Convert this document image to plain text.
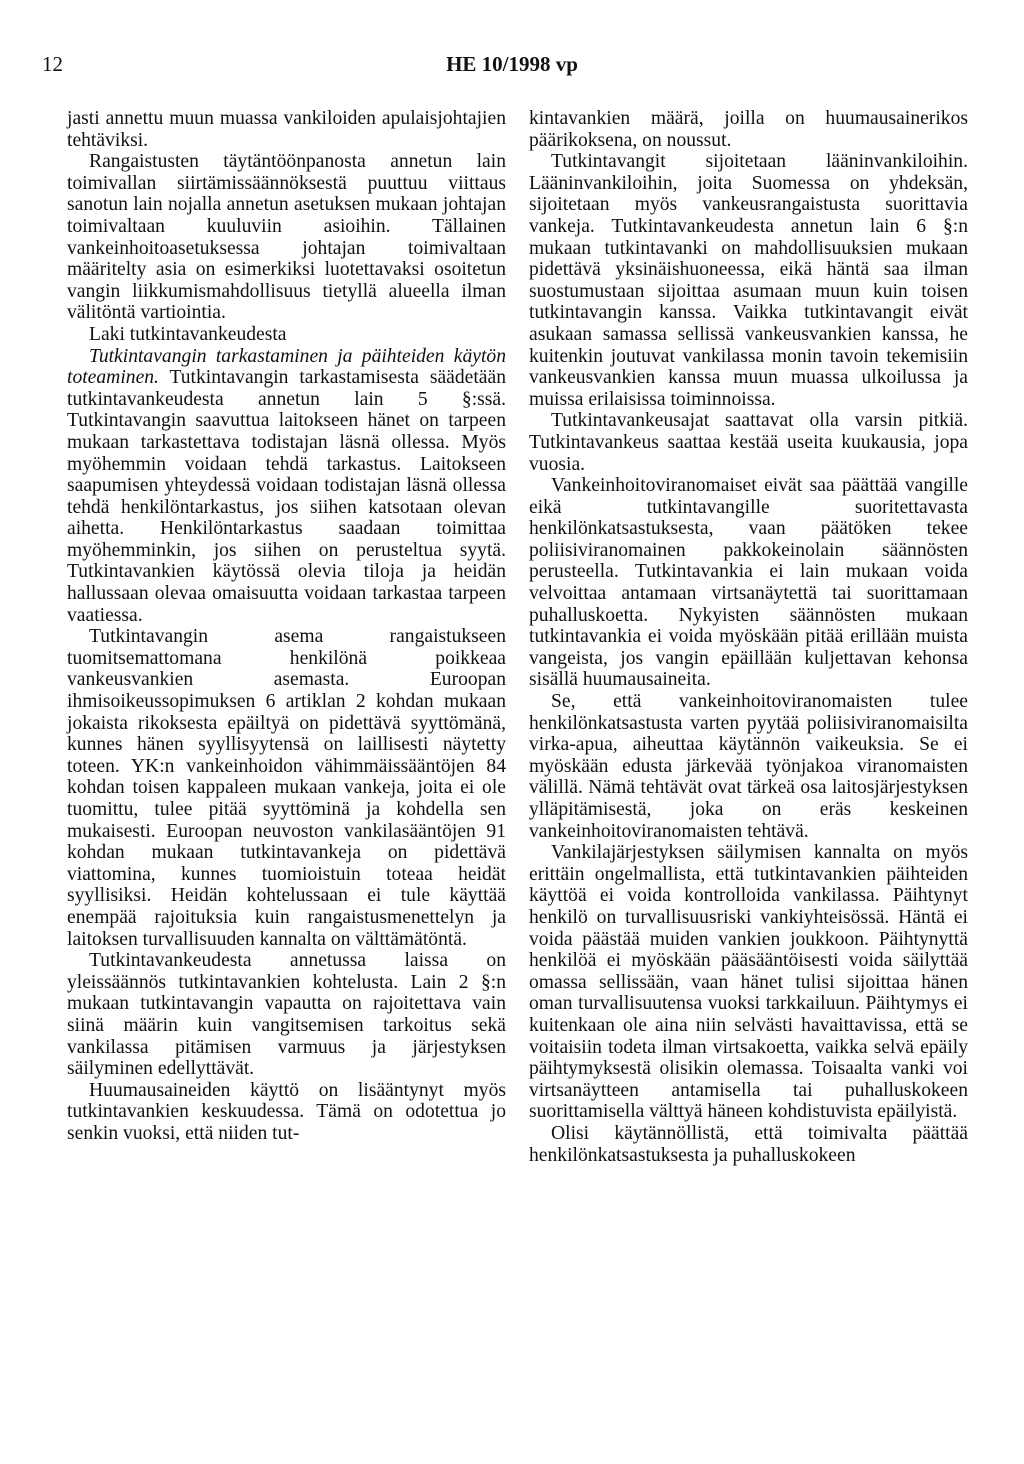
12	HE 10/1998 vp

jasti annettu muun muassa vankiloiden apulaisjohtajien tehtäviksi.

Rangaistusten täytäntöönpanosta annetun lain toimivallan siirtämissäännöksestä puuttuu viittaus sanotun lain nojalla annetun asetuksen mukaan johtajan toimivaltaan kuuluviin asioihin. Tällainen vankeinhoitoasetuksessa johtajan toimivaltaan määritelty asia on esimerkiksi luotettavaksi osoitetun vangin liikkumismahdollisuus tietyllä alueella ilman välitöntä vartiointia.

Laki tutkintavankeudesta

Tutkintavangin tarkastaminen ja päihteiden käytön toteaminen. Tutkintavangin tarkastamisesta säädetään tutkintavankeudesta annetun lain 5 §:ssä. Tutkintavangin saavuttua laitokseen hänet on tarpeen mukaan tarkastettava todistajan läsnä ollessa. Myös myöhemmin voidaan tehdä tarkastus. Laitokseen saapumisen yhteydessä voidaan todistajan läsnä ollessa tehdä henkilöntarkastus, jos siihen katsotaan olevan aihetta. Henkilöntarkastus saadaan toimittaa myöhemminkin, jos siihen on perusteltua syytä. Tutkintavankien käytössä olevia tiloja ja heidän hallussaan olevaa omaisuutta voidaan tarkastaa tarpeen vaatiessa.

Tutkintavangin asema rangaistukseen tuomitsemattomana henkilönä poikkeaa vankeusvankien asemasta. Euroopan ihmisoikeussopimuksen 6 artiklan 2 kohdan mukaan jokaista rikoksesta epäiltyä on pidettävä syyttömänä, kunnes hänen syyllisyytensä on laillisesti näytetty toteen. YK:n vankeinhoidon vähimmäissääntöjen 84 kohdan toisen kappaleen mukaan vankeja, joita ei ole tuomittu, tulee pitää syyttöminä ja kohdella sen mukaisesti. Euroopan neuvoston vankilasääntöjen 91 kohdan mukaan tutkintavankeja on pidettävä viattomina, kunnes tuomioistuin toteaa heidät syyllisiksi. Heidän kohtelussaan ei tule käyttää enempää rajoituksia kuin rangaistusmenettelyn ja laitoksen turvallisuuden kannalta on välttämätöntä.

Tutkintavankeudesta annetussa laissa on yleissäännös tutkintavankien kohtelusta. Lain 2 §:n mukaan tutkintavangin vapautta on rajoitettava vain siinä määrin kuin vangitsemisen tarkoitus sekä vankilassa pitämisen varmuus ja järjestyksen säilyminen edellyttävät.

Huumausaineiden käyttö on lisääntynyt myös tutkintavankien keskuudessa. Tämä on odotettua jo senkin vuoksi, että niiden tut-

kintavankien määrä, joilla on huumausainerikos päärikoksena, on noussut.

Tutkintavangit sijoitetaan lääninvankiloihin. Lääninvankiloihin, joita Suomessa on yhdeksän, sijoitetaan myös vankeusrangaistusta suorittavia vankeja. Tutkintavankeudesta annetun lain 6 §:n mukaan tutkintavanki on mahdollisuuksien mukaan pidettävä yksinäishuoneessa, eikä häntä saa ilman suostumustaan sijoittaa asumaan muun kuin toisen tutkintavangin kanssa. Vaikka tutkintavangit eivät asukaan samassa sellissä vankeusvankien kanssa, he kuitenkin joutuvat vankilassa monin tavoin tekemisiin vankeusvankien kanssa muun muassa ulkoilussa ja muissa erilaisissa toiminnoissa.

Tutkintavankeusajat saattavat olla varsin pitkiä. Tutkintavankeus saattaa kestää useita kuukausia, jopa vuosia.

Vankeinhoitoviranomaiset eivät saa päättää vangille eikä tutkintavangille suoritettavasta henkilönkatsastuksesta, vaan päätöken tekee poliisiviranomainen pakkokeinolain säännösten perusteella. Tutkintavankia ei lain mukaan voida velvoittaa antamaan virtsanäytettä tai suorittamaan puhalluskoetta. Nykyisten säännösten mukaan tutkintavankia ei voida myöskään pitää erillään muista vangeista, jos vangin epäillään kuljettavan kehonsa sisällä huumausaineita.

Se, että vankeinhoitoviranomaisten tulee henkilönkatsastusta varten pyytää poliisiviranomaisilta virka-apua, aiheuttaa käytännön vaikeuksia. Se ei myöskään edusta järkevää työnjakoa viranomaisten välillä. Nämä tehtävät ovat tärkeä osa laitosjärjestyksen ylläpitämisestä, joka on eräs keskeinen vankeinhoitoviranomaisten tehtävä.

Vankilajärjestyksen säilymisen kannalta on myös erittäin ongelmallista, että tutkintavankien päihteiden käyttöä ei voida kontrolloida vankilassa. Päihtynyt henkilö on turvallisuusriski vankiyhteisössä. Häntä ei voida päästää muiden vankien joukkoon. Päihtynyttä henkilöä ei myöskään pääsääntöisesti voida säilyttää omassa sellissään, vaan hänet tulisi sijoittaa hänen oman turvallisuutensa vuoksi tarkkailuun. Päihtymys ei kuitenkaan ole aina niin selvästi havaittavissa, että se voitaisiin todeta ilman virtsakoetta, vaikka selvä epäily päihtymyksestä olisikin olemassa. Toisaalta vanki voi virtsanäytteen antamisella tai puhalluskokeen suorittamisella välttyä häneen kohdistuvista epäilyistä.

Olisi käytännöllistä, että toimivalta päättää henkilönkatsastuksesta ja puhalluskokeen
